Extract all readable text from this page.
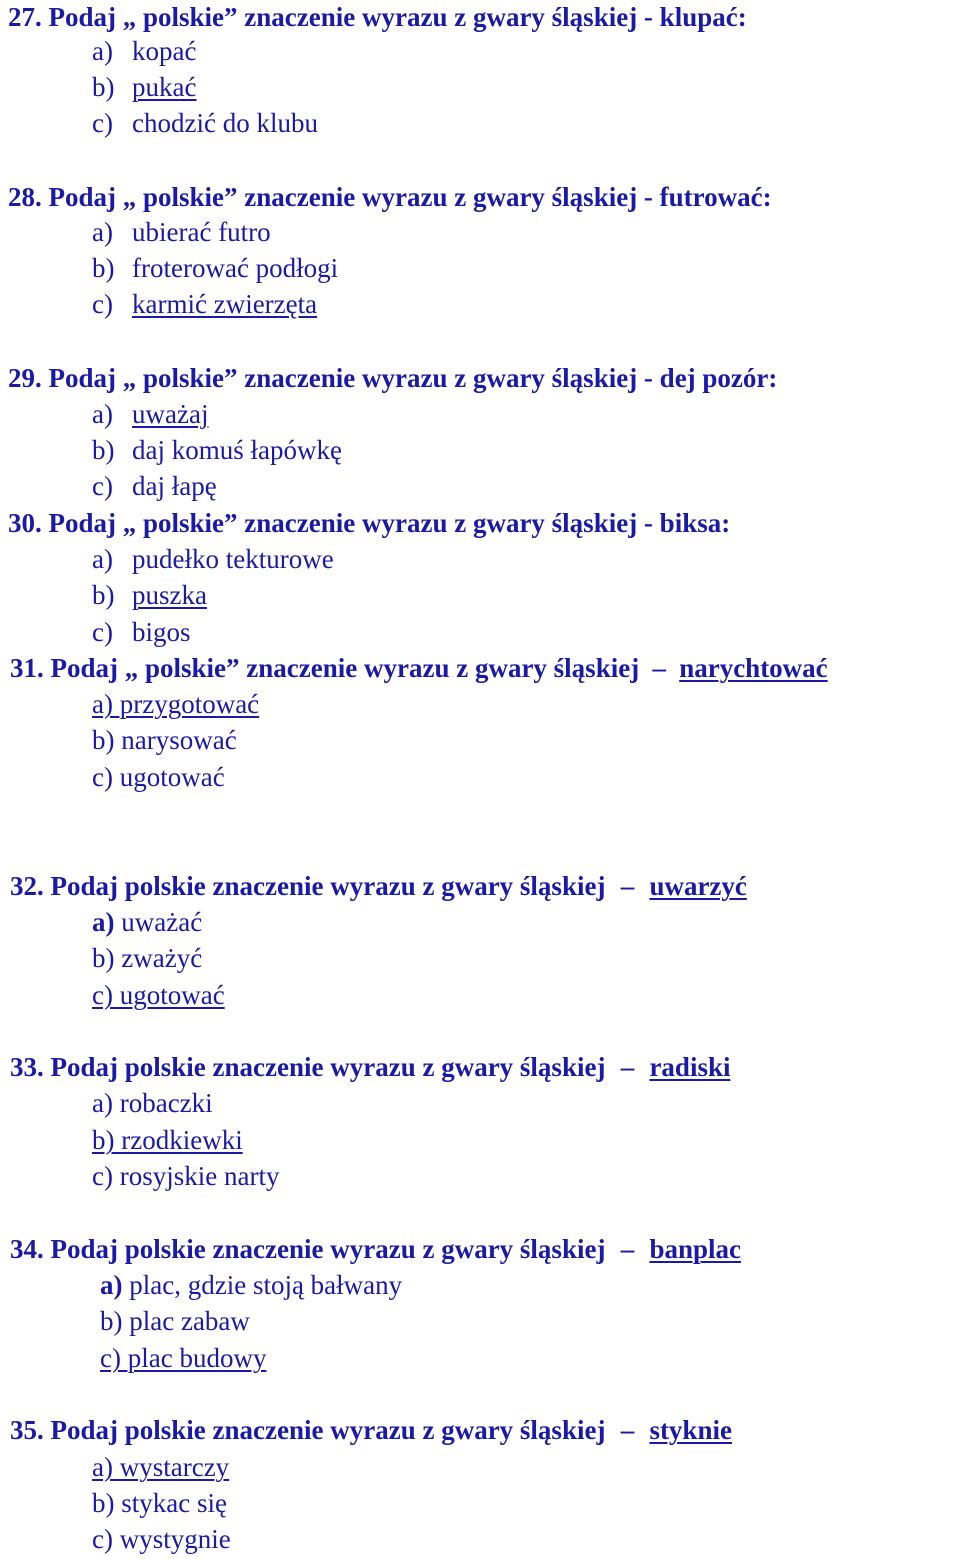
27. Podaj „ polskie” znaczenie wyrazu z gwary śląskiej - klupać:
a) kopać
b) pukać
c) chodzić do klubu
28. Podaj „ polskie” znaczenie wyrazu z gwary śląskiej - futrować:
a) ubierać futro
b) froterować podłogi
c) karmić zwierzęta
29. Podaj „ polskie” znaczenie wyrazu z gwary śląskiej - dej pozór:
a) uważaj
b) daj komuś łapówkę
c) daj łapę
30. Podaj „ polskie” znaczenie wyrazu z gwary śląskiej - biksa:
a) pudełko tekturowe
b) puszka
c) bigos
31. Podaj „ polskie” znaczenie wyrazu z gwary śląskiej – narychtować
a) przygotować
b) narysować
c) ugotować
32. Podaj polskie znaczenie wyrazu z gwary śląskiej – uwarzyć
a) uważać
b) zważyć
c) ugotować
33. Podaj polskie znaczenie wyrazu z gwary śląskiej – radiski
a) robaczki
b) rzodkiewki
c) rosyjskie narty
34. Podaj polskie znaczenie wyrazu z gwary śląskiej – banplac
a) plac, gdzie stoją bałwany
b) plac zabaw
c) plac budowy
35. Podaj polskie znaczenie wyrazu z gwary śląskiej – styknie
a) wystarczy
b) stykac się
c) wystygnie
